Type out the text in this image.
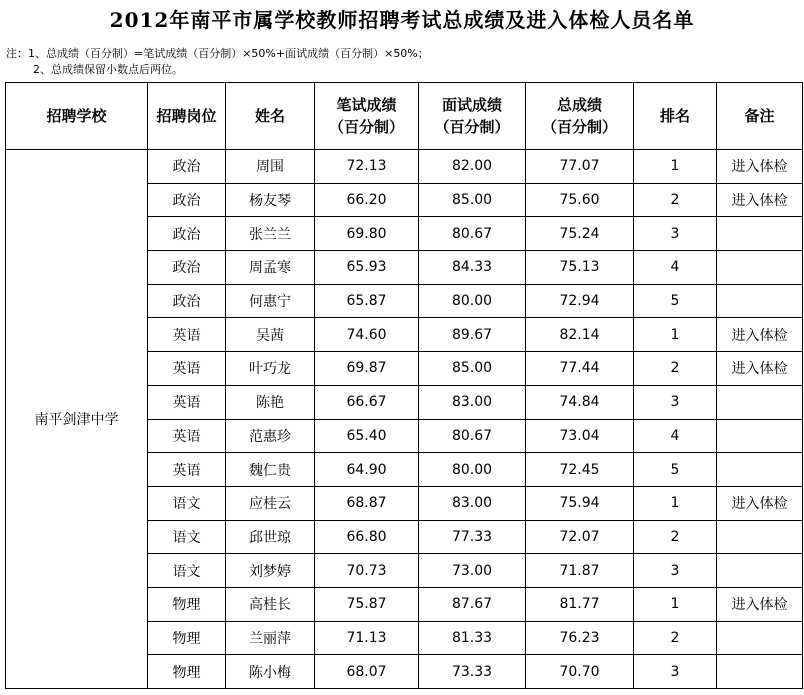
2012年南平市属学校教师招聘考试总成绩及进入体检人员名单
注：1、总成绩（百分制）=笔试成绩（百分制）×50%+面试成绩（百分制）×50%；
2、总成绩保留小数点后两位。
招聘学校	招聘岗位	姓名	笔试成绩
（百分制）	面试成绩
（百分制）	总成绩
（百分制）	排名	备注
南平剑津中学	政治	周围	72.13	82.00	77.07	1	进入体检
	政治	杨友琴	66.20	85.00	75.60	2	进入体检
	政治	张兰兰	69.80	80.67	75.24	3	
	政治	周孟寒	65.93	84.33	75.13	4	
	政治	何惠宁	65.87	80.00	72.94	5	
	英语	吴茜	74.60	89.67	82.14	1	进入体检
	英语	叶巧龙	69.87	85.00	77.44	2	进入体检
	英语	陈艳	66.67	83.00	74.84	3	
	英语	范惠珍	65.40	80.67	73.04	4	
	英语	魏仁贵	64.90	80.00	72.45	5	
	语文	应桂云	68.87	83.00	75.94	1	进入体检
	语文	邱世琼	66.80	77.33	72.07	2	
	语文	刘梦婷	70.73	73.00	71.87	3	
	物理	高桂长	75.87	87.67	81.77	1	进入体检
	物理	兰丽萍	71.13	81.33	76.23	2	
	物理	陈小梅	68.07	73.33	70.70	3	
